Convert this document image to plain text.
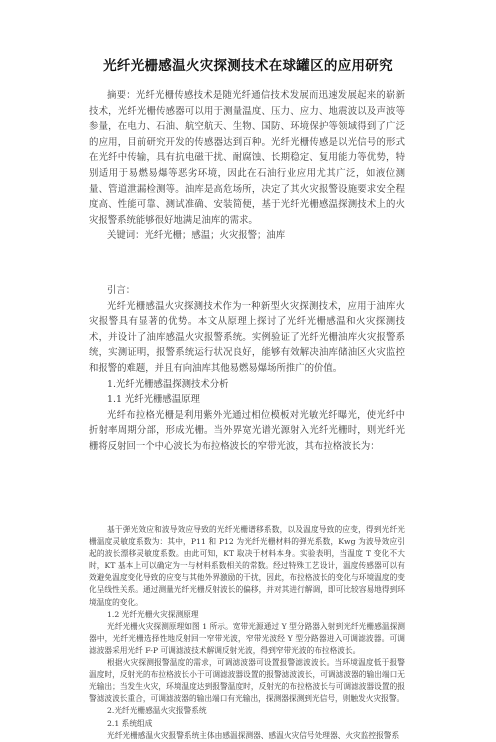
光纤光栅感温火灾探测技术在球罐区的应用研究

摘要：光纤光栅传感技术是随光纤通信技术发展而迅速发展起来的崭新技术，光纤光栅传感器可以用于测量温度、压力、应力、地震波以及声波等参量，在电力、石油、航空航天、生物、国防、环境保护等领域得到了广泛的应用，目前研究开发的传感器达到百种。光纤光栅传感是以光信号的形式在光纤中传输，具有抗电磁干扰、耐腐蚀、长期稳定、复用能力等优势，特别适用于易燃易爆等恶劣环境，因此在石油行业应用尤其广泛，如液位测量、管道泄漏检测等。油库是高危场所，决定了其火灾报警设施要求安全程度高、性能可靠、测试准确、安装简便，基于光纤光栅感温探测技术上的火灾报警系统能够很好地满足油库的需求。

关键词：光纤光栅；感温；火灾报警；油库

引言：

光纤光栅感温火灾探测技术作为一种新型火灾探测技术，应用于油库火灾报警具有显著的优势。本文从原理上探讨了光纤光栅感温和火灾探测技术，并设计了油库感温火灾报警系统。实例验证了光纤光栅油库火灾报警系统，实测证明，报警系统运行状况良好，能够有效解决油库储油区火灾监控和报警的难题，并且有向油库其他易燃易爆场所推广的价值。

1.光纤光栅感温探测技术分析

1.1 光纤光栅感温原理

光纤布拉格光栅是利用紫外光通过相位模板对光敏光纤曝光，使光纤中折射率周期分部，形成光栅。当外界宽光谱光源射入光纤光栅时，则光纤光栅将反射回一个中心波长为布拉格波长的窄带光波，其布拉格波长为：

基于弹光效应和波导效应导致的光纤光栅谱移系数，以及温度导致的应变，得到光纤光栅温度灵敏度系数为：其中，P11 和 P12 为光纤光栅材料的弹光系数，Kwg 为波导效应引起的波长漂移灵敏度系数。由此可知，KT 取决于材料本身。实验表明，当温度 T 变化不大时，KT 基本上可以确定为一与材料系数相关的常数。经过特殊工艺设计，温度传感器可以有效避免温度变化导致的应变与其他外界激励的干扰，因此，布拉格波长的变化与环境温度的变化呈线性关系。通过测量光纤光栅反射波长的偏移，并对其进行解调，即可比较容易地得到环境温度的变化。

1.2 光纤光栅火灾探测原理

光纤光栅火灾探测原理如图 1 所示。宽带光源通过 Y 型分路器入射到光纤光栅感温探测器中，光纤光栅选择性地反射回一窄带光波，窄带光波经 Y 型分路器进入可调滤波器。可调滤波器采用光纤 F-P 可调滤波技术解调反射光波，得到窄带光波的布拉格波长。

根据火灾探测报警温度的需求，可调滤波器可设置报警滤波波长。当环境温度低于报警温度时，反射光的布拉格波长小于可调滤波器设置的报警滤波波长，可调滤波器的输出端口无光输出；当发生火灾，环境温度达到报警温度时，反射光的布拉格波长与可调滤波器设置的报警滤波波长重合，可调滤波器的输出端口有光输出，探测器探测到光信号，则触发火灾报警。

2.光纤光栅感温火灾报警系统

2.1 系统组成

光纤光栅感温火灾报警系统主体由感温探测器、感温火灾信号处理器、火灾监控报警系
